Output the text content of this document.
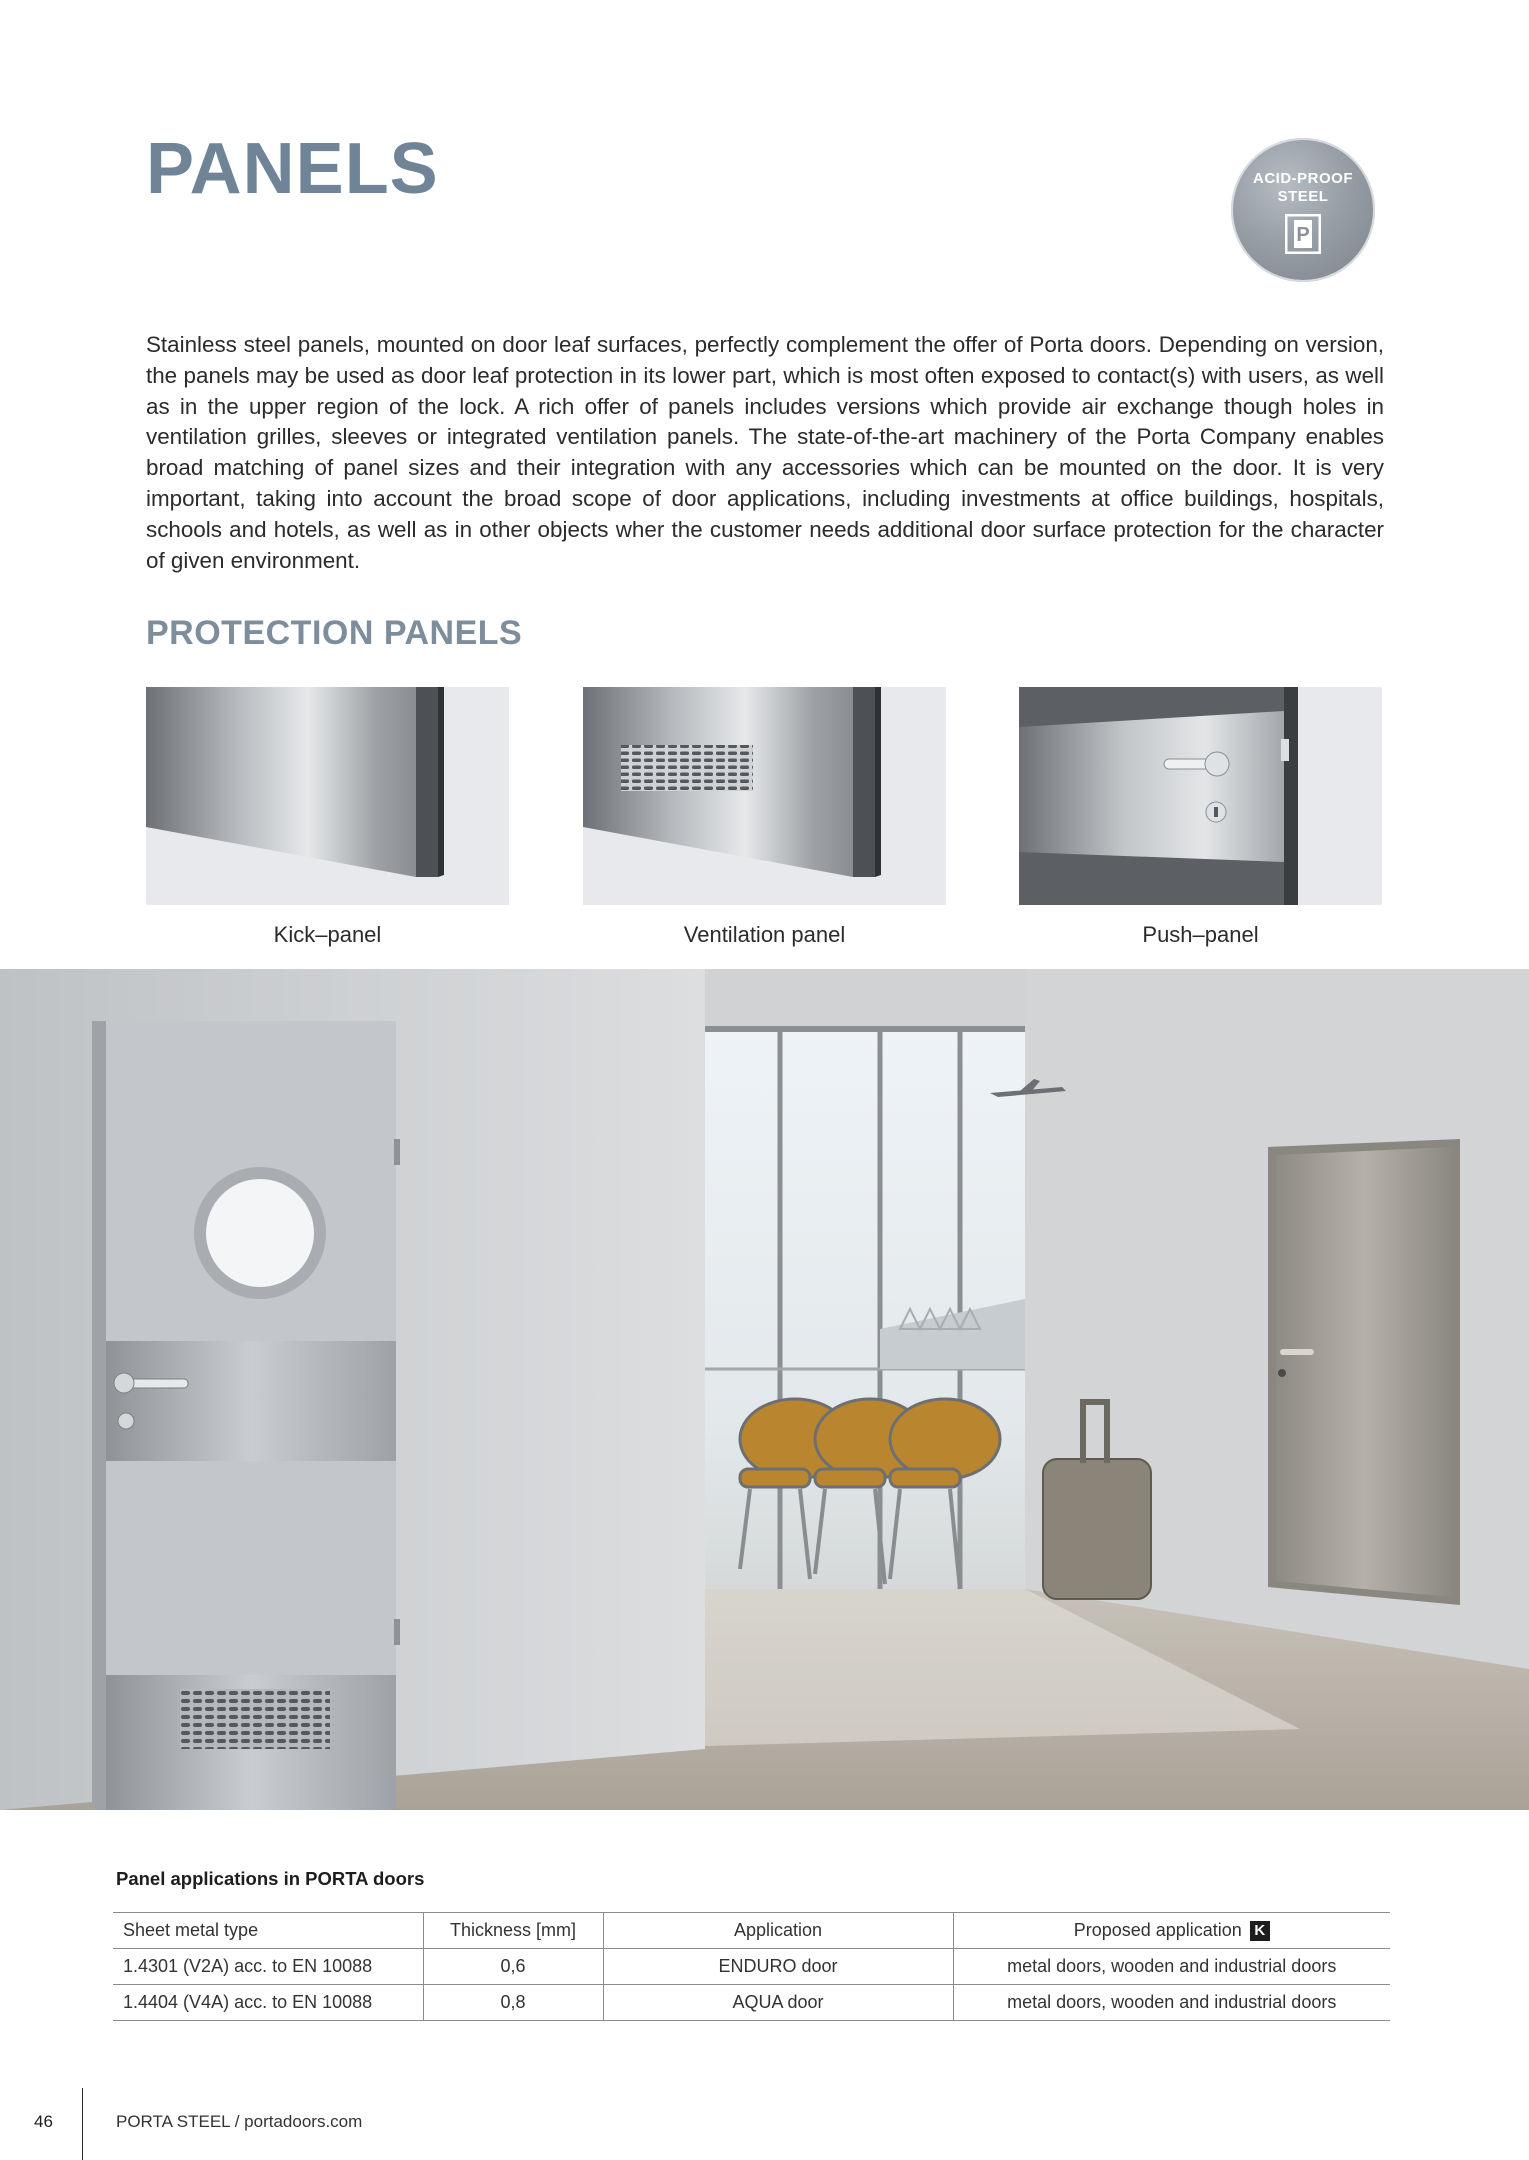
PANELS	ACID-PROOF
STEEL
P

Stainless steel panels, mounted on door leaf surfaces, perfectly complement the offer of Porta doors. Depending on version, the panels may be used as door leaf protection in its lower part, which is most often exposed to contact(s) with users, as well as in the upper region of the lock. A rich offer of panels includes versions which provide air exchange though holes in ventilation grilles, sleeves or integrated ventilation panels. The state-of-the-art machinery of the Porta Company enables broad matching of panel sizes and their integration with any accessories which can be mounted on the door. It is very important, taking into account the broad scope of door applications, including investments at office buildings, hospitals, schools and hotels, as well as in other objects wher the customer needs additional door surface protection for the character of given environment.

PROTECTION PANELS
Kick–panel	Ventilation panel	Push–panel
Panel applications in PORTA doors
Sheet metal type	Thickness [mm]	Application	Proposed application K
1.4301 (V2A) acc. to EN 10088	0,6	ENDURO door	metal doors, wooden and industrial doors
1.4404 (V4A) acc. to EN 10088	0,8	AQUA door	metal doors, wooden and industrial doors
46	PORTA STEEL / portadoors.com
